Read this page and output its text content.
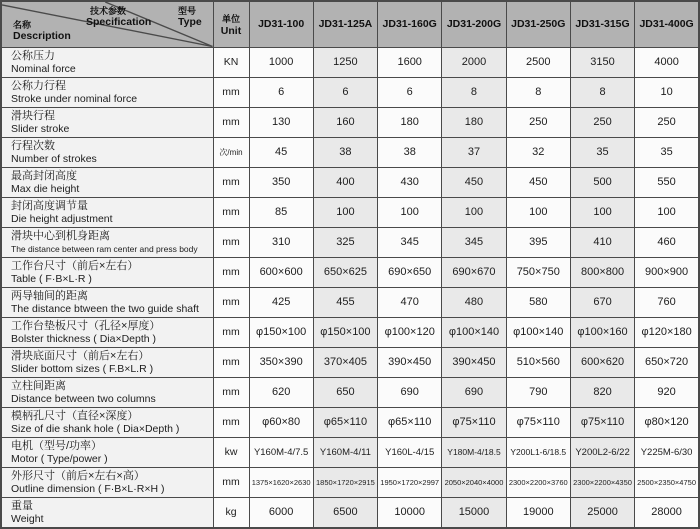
技术参数
Specification
型号
Type
名称
Description

单位
Unit
	JD31-100	JD31-125A	JD31-160G	JD31-200G	JD31-250G	JD31-315G	JD31-400G

公称压力
Nominal force	KN	1000	1250	1600	2000	2500	3150	4000

公称力行程
Stroke under nominal force	mm	6	6	6	8	8	8	10

滑块行程
Slider stroke	mm	130	160	180	180	250	250	250

行程次数
Number of strokes	次/min	45	38	38	37	32	35	35

最高封闭高度
Max die height	mm	350	400	430	450	450	500	550

封闭高度调节量
Die height adjustment	mm	85	100	100	100	100	100	100

滑块中心到机身距离
The distance between ram center and press body	mm	310	325	345	345	395	410	460

工作台尺寸（前后×左右）
Table ( F·B×L·R )	mm	600×600	650×625	690×650	690×670	750×750	800×800	900×900

两导轴间的距离
The distance btween the two guide shaft	mm	425	455	470	480	580	670	760

工作台垫板尺寸（孔径×厚度）
Bolster thickness ( Dia×Depth )	mm	φ150×100	φ150×100	φ100×120	φ100×140	φ100×140	φ100×160	φ120×180

滑块底面尺寸（前后×左右）
Slider bottom sizes ( F.B×L.R )	mm	350×390	370×405	390×450	390×450	510×560	600×620	650×720

立柱间距离
Distance between two columns	mm	620	650	690	690	790	820	920

模柄孔尺寸（直径×深度）
Size of die shank hole ( Dia×Depth )	mm	φ60×80	φ65×110	φ65×110	φ75×110	φ75×110	φ75×110	φ80×120

电机（型号/功率）
Motor ( Type/power )	kw	Y160M-4/7.5	Y160M-4/11	Y160L-4/15	Y180M-4/18.5	Y200L1-6/18.5	Y200L2-6/22	Y225M-6/30

外形尺寸（前后×左右×高）
Outline dimension ( F·B×L·R×H )	mm	1375×1620×2630	1850×1720×2915	1950×1720×2997	2050×2040×4000	2300×2200×3760	2300×2200×4350	2500×2350×4750

重量
Weight	kg	6000	6500	10000	15000	19000	25000	28000
